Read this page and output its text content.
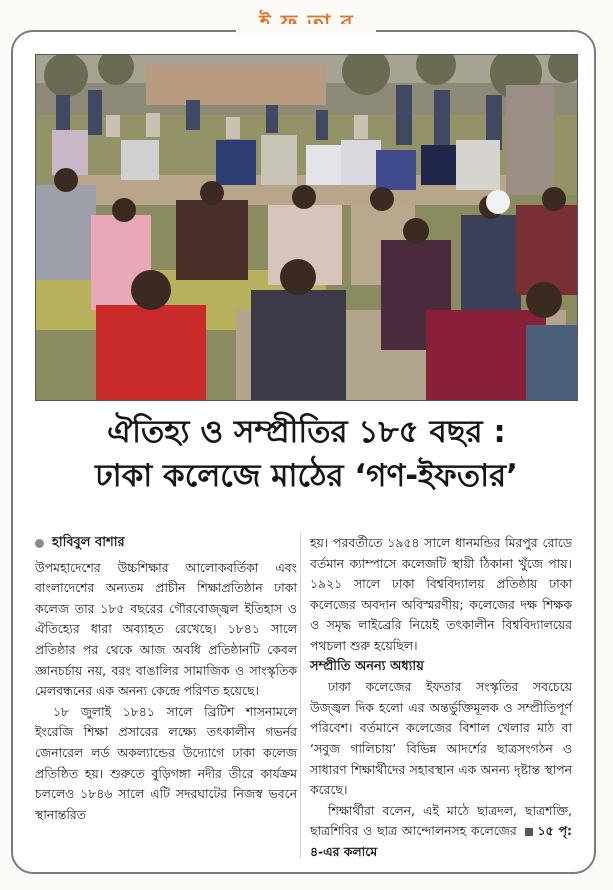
ঐতিহ্য ও সম্প্রীতির ১৮৫ বছর :
ঢাকা কলেজে মাঠের ‘গণ-ইফতার’
হাবিবুল বাশার

উপমহাদেশের উচ্চশিক্ষার আলোকবর্তিকা এবং বাংলাদেশের অন্যতম প্রাচীন শিক্ষাপ্রতিষ্ঠান ঢাকা কলেজ তার ১৮৫ বছরের গৌরবোজ্জ্বল ইতিহাস ও ঐতিহ্যের ধারা অব্যাহত রেখেছে। ১৮৪১ সালে প্রতিষ্ঠার পর থেকে আজ অবধি প্রতিষ্ঠানটি কেবল জ্ঞানচর্চায় নয়, বরং বাঙালির সামাজিক ও সাংস্কৃতিক মেলবন্ধনের এক অনন্য কেন্দ্রে পরিণত হয়েছে।

১৮ জুলাই ১৮৪১ সালে ব্রিটিশ শাসনামলে ইংরেজি শিক্ষা প্রসারের লক্ষ্যে তৎকালীন গভর্নর জেনারেল লর্ড অকল্যান্ডের উদ্যোগে ঢাকা কলেজ প্রতিষ্ঠিত হয়। শুরুতে বুড়িগঙ্গা নদীর তীরে কার্যক্রম চললেও ১৮৪৬ সালে এটি সদরঘাটের নিজস্ব ভবনে স্থানান্তরিত

হয়। পরবর্তীতে ১৯৫৪ সালে ধানমন্ডির মিরপুর রোডে বর্তমান ক্যাম্পাসে কলেজটি স্থায়ী ঠিকানা খুঁজে পায়। ১৯২১ সালে ঢাকা বিশ্ববিদ্যালয় প্রতিষ্ঠায় ঢাকা কলেজের অবদান অবিস্মরণীয়; কলেজের দক্ষ শিক্ষক ও সমৃদ্ধ লাইব্রেরি নিয়েই তৎকালীন বিশ্ববিদ্যালয়ের পথচলা শুরু হয়েছিল।

সম্প্রীতি অনন্য অধ্যায়

ঢাকা কলেজের ইফতার সংস্কৃতির সবচেয়ে উজ্জ্বল দিক হলো এর অন্তর্ভুক্তিমূলক ও সম্প্রীতিপূর্ণ পরিবেশ। বর্তমানে কলেজের বিশাল খেলার মাঠ বা ‘সবুজ গালিচায়’ বিভিন্ন আদর্শের ছাত্রসংগঠন ও সাধারণ শিক্ষার্থীদের সহাবস্থান এক অনন্য দৃষ্টান্ত স্থাপন করেছে।

শিক্ষার্থীরা বলেন, এই মাঠে ছাত্রদল, ছাত্রশক্তি, ছাত্রশিবির ও ছাত্র আন্দোলনসহ কলেজের ১৫ পৃ: ৪-এর কলামে
